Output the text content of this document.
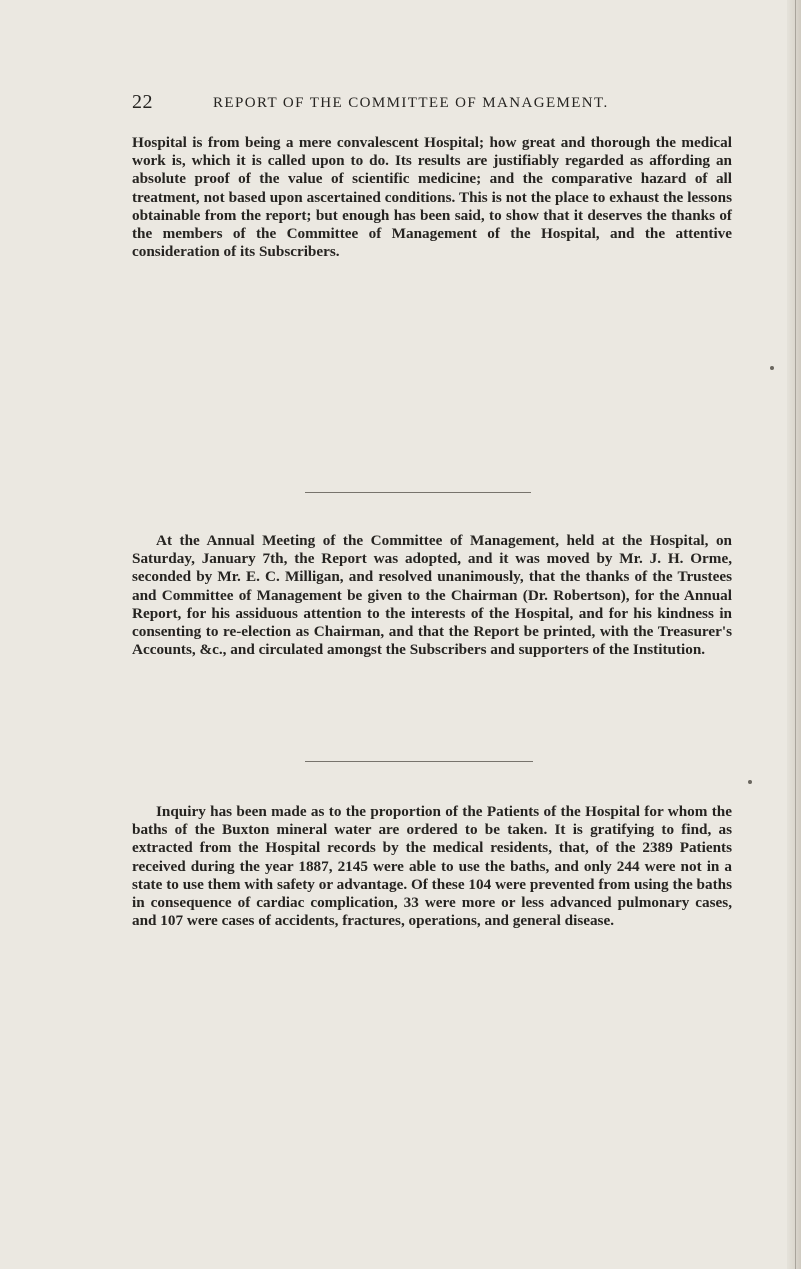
22	REPORT OF THE COMMITTEE OF MANAGEMENT.

Hospital is from being a mere convalescent Hospital; how great and thorough the medical work is, which it is called upon to do. Its results are justifiably regarded as affording an absolute proof of the value of scientific medicine; and the comparative hazard of all treatment, not based upon ascertained conditions. This is not the place to exhaust the lessons obtainable from the report; but enough has been said, to show that it deserves the thanks of the members of the Committee of Management of the Hospital, and the attentive consideration of its Subscribers.

At the Annual Meeting of the Committee of Management, held at the Hospital, on Saturday, January 7th, the Report was adopted, and it was moved by Mr. J. H. Orme, seconded by Mr. E. C. Milligan, and resolved unanimously, that the thanks of the Trustees and Committee of Management be given to the Chairman (Dr. Robertson), for the Annual Report, for his assiduous attention to the interests of the Hospital, and for his kindness in consenting to re-election as Chairman, and that the Report be printed, with the Treasurer's Accounts, &c., and circulated amongst the Subscribers and supporters of the Institution.

Inquiry has been made as to the proportion of the Patients of the Hospital for whom the baths of the Buxton mineral water are ordered to be taken. It is gratifying to find, as extracted from the Hospital records by the medical residents, that, of the 2389 Patients received during the year 1887, 2145 were able to use the baths, and only 244 were not in a state to use them with safety or advantage. Of these 104 were prevented from using the baths in consequence of cardiac complication, 33 were more or less advanced pulmonary cases, and 107 were cases of accidents, fractures, operations, and general disease.
